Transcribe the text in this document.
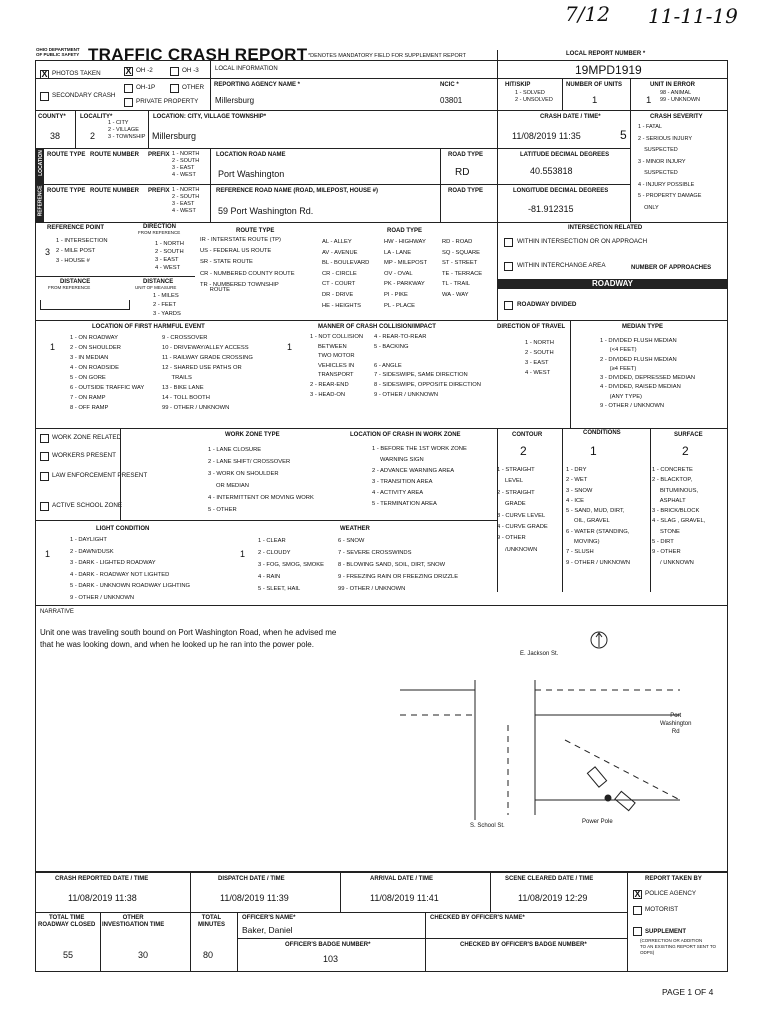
7/12 11-11-19
OHIO DEPARTMENT OF PUBLIC SAFETY TRAFFIC CRASH REPORT *DENOTES MANDATORY FIELD FOR SUPPLEMENT REPORT	LOCAL REPORT NUMBER *
19MPD1919
X PHOTOS TAKEN
SECONDARY CRASH
X OH -2	OH -3
OH-1P	OTHER
PRIVATE PROPERTY
LOCAL INFORMATION
REPORTING AGENCY NAME *
Millersburg
NCIC *
03801
HIT/SKIP
1 - SOLVED
2 - UNSOLVED
NUMBER OF UNITS
1
UNIT IN ERROR
1
98 - ANIMAL
99 - UNKNOWN
COUNTY*
38
LOCALITY*
2
1 - CITY
2 - VILLAGE
3 - TOWNSHIP
LOCATION: CITY, VILLAGE TOWNSHIP*
Millersburg
CRASH DATE / TIME*
11/08/2019 11:35
CRASH SEVERITY
5
1 - FATAL
2 - SERIOUS INJURY
SUSPECTED
3 - MINOR INJURY
SUSPECTED
4 - INJURY POSSIBLE
5 - PROPERTY DAMAGE
ONLY
LOCATION
REFERENCE
ROUTE TYPE ROUTE NUMBER PREFIX 1 - NORTH
2 - SOUTH
3 - EAST
4 - WEST
LOCATION ROAD NAME
Port Washington
ROAD TYPE
RD
LATITUDE DECIMAL DEGREES
40.553818
ROUTE TYPE ROUTE NUMBER PREFIX 1 - NORTH
2 - SOUTH
3 - EAST
4 - WEST
REFERENCE ROAD NAME (ROAD, MILEPOST, HOUSE #)
59 Port Washington Rd.
ROAD TYPE	LONGITUDE DECIMAL DEGREES
-81.912315
REFERENCE POINT
3
1 - INTERSECTION
2 - MILE POST
3 - HOUSE #
DIRECTION
FROM REFERENCE
1 - NORTH
2 - SOUTH
3 - EAST
4 - WEST
ROUTE TYPE
IR - INTERSTATE ROUTE (TP)

US - FEDERAL US ROUTE

SR - STATE ROUTE

CR - NUMBERED COUNTY ROUTE

TR - NUMBERED TOWNSHIP
ROUTE
ROAD TYPE
AL - ALLEY
AV - AVENUE
BL - BOULEVARD
CR - CIRCLE
CT - COURT
DR - DRIVE
HE - HEIGHTS
HW - HIGHWAY
LA - LANE
MP - MILEPOST
OV - OVAL
PK - PARKWAY
PI - PIKE
PL - PLACE
RD - ROAD
SQ - SQUARE
ST - STREET
TE - TERRACE
TL - TRAIL
WA - WAY
DISTANCE
FROM REFERENCE
DISTANCE
UNIT OF MEASURE
1 - MILES
2 - FEET
3 - YARDS
INTERSECTION RELATED
WITHIN INTERSECTION OR ON APPROACH
WITHIN INTERCHANGE AREA	NUMBER OF APPROACHES
ROADWAY
ROADWAY DIVIDED
LOCATION OF FIRST HARMFUL EVENT
1
1 - ON ROADWAY
2 - ON SHOULDER
3 - IN MEDIAN
4 - ON ROADSIDE
5 - ON GORE
6 - OUTSIDE TRAFFIC WAY
7 - ON RAMP
8 - OFF RAMP
9 - CROSSOVER
10 - DRIVEWAY/ALLEY ACCESS
11 - RAILWAY GRADE CROSSING
12 - SHARED USE PATHS OR
TRAILS
13 - BIKE LANE
14 - TOLL BOOTH
99 - OTHER / UNKNOWN
MANNER OF CRASH COLLISION/IMPACT
1
1 - NOT COLLISION
BETWEEN
TWO MOTOR
VEHICLES IN
TRANSPORT
2 - REAR-END
3 - HEAD-ON
4 - REAR-TO-REAR
5 - BACKING

6 - ANGLE
7 - SIDESWIPE, SAME DIRECTION
8 - SIDESWIPE, OPPOSITE DIRECTION
9 - OTHER / UNKNOWN
DIRECTION OF TRAVEL
1 - NORTH
2 - SOUTH
3 - EAST
4 - WEST
MEDIAN TYPE
1 - DIVIDED FLUSH MEDIAN
(<4 FEET)
2 - DIVIDED FLUSH MEDIAN
(≥4 FEET)
3 - DIVIDED, DEPRESSED MEDIAN
4 - DIVIDED, RAISED MEDIAN
(ANY TYPE)
9 - OTHER / UNKNOWN
WORK ZONE RELATED
WORKERS PRESENT
LAW ENFORCEMENT PRESENT
ACTIVE SCHOOL ZONE
WORK ZONE TYPE
1 - LANE CLOSURE
2 - LANE SHIFT/ CROSSOVER
3 - WORK ON SHOULDER
OR MEDIAN
4 - INTERMITTENT OR MOVING WORK
5 - OTHER
LOCATION OF CRASH IN WORK ZONE
1 - BEFORE THE 1ST WORK ZONE
WARNING SIGN
2 - ADVANCE WARNING AREA
3 - TRANSITION AREA
4 - ACTIVITY AREA
5 - TERMINATION AREA
CONTOUR
2
1 - STRAIGHT
LEVEL
2 - STRAIGHT
GRADE
3 - CURVE LEVEL
4 - CURVE GRADE
9 - OTHER
/UNKNOWN
CONDITIONS
1
1 - DRY
2 - WET
3 - SNOW
4 - ICE
5 - SAND, MUD, DIRT,
OIL, GRAVEL
6 - WATER (STANDING,
MOVING)
7 - SLUSH
9 - OTHER / UNKNOWN
SURFACE
2
1 - CONCRETE
2 - BLACKTOP,
BITUMINOUS,
ASPHALT
3 - BRICK/BLOCK
4 - SLAG , GRAVEL,
STONE
5 - DIRT
9 - OTHER
/ UNKNOWN
LIGHT CONDITION
1
1 - DAYLIGHT
2 - DAWN/DUSK
3 - DARK - LIGHTED ROADWAY
4 - DARK - ROADWAY NOT LIGHTED
5 - DARK - UNKNOWN ROADWAY LIGHTING
9 - OTHER / UNKNOWN
WEATHER
1
1 - CLEAR
2 - CLOUDY
3 - FOG, SMOG, SMOKE
4 - RAIN
5 - SLEET, HAIL
6 - SNOW
7 - SEVERE CROSSWINDS
8 - BLOWING SAND, SOIL, DIRT, SNOW
9 - FREEZING RAIN OR FREEZING DRIZZLE
99 - OTHER / UNKNOWN
NARRATIVE
Unit one was traveling south bound on Port Washington Road, when he advised me
that he was looking down, and when he looked up he ran into the power pole.
E. Jackson St.
Port
Washington
Rd
S. School St.
Power Pole
CRASH REPORTED DATE / TIME
11/08/2019 11:38
DISPATCH DATE / TIME
11/08/2019 11:39
ARRIVAL DATE / TIME
11/08/2019 11:41
SCENE CLEARED DATE / TIME
11/08/2019 12:29
REPORT TAKEN BY
X POLICE AGENCY
MOTORIST
TOTAL TIME
ROADWAY CLOSED
55
OTHER
INVESTIGATION TIME
30
TOTAL
MINUTES
80
OFFICER'S NAME*
Baker, Daniel
CHECKED BY OFFICER'S NAME*
OFFICER'S BADGE NUMBER*
103
CHECKED BY OFFICER'S BADGE NUMBER*
SUPPLEMENT
(CORRECTION OR ADDITION
TO AN EXISTING REPORT SENT TO
ODPS)
PAGE 1 OF 4
